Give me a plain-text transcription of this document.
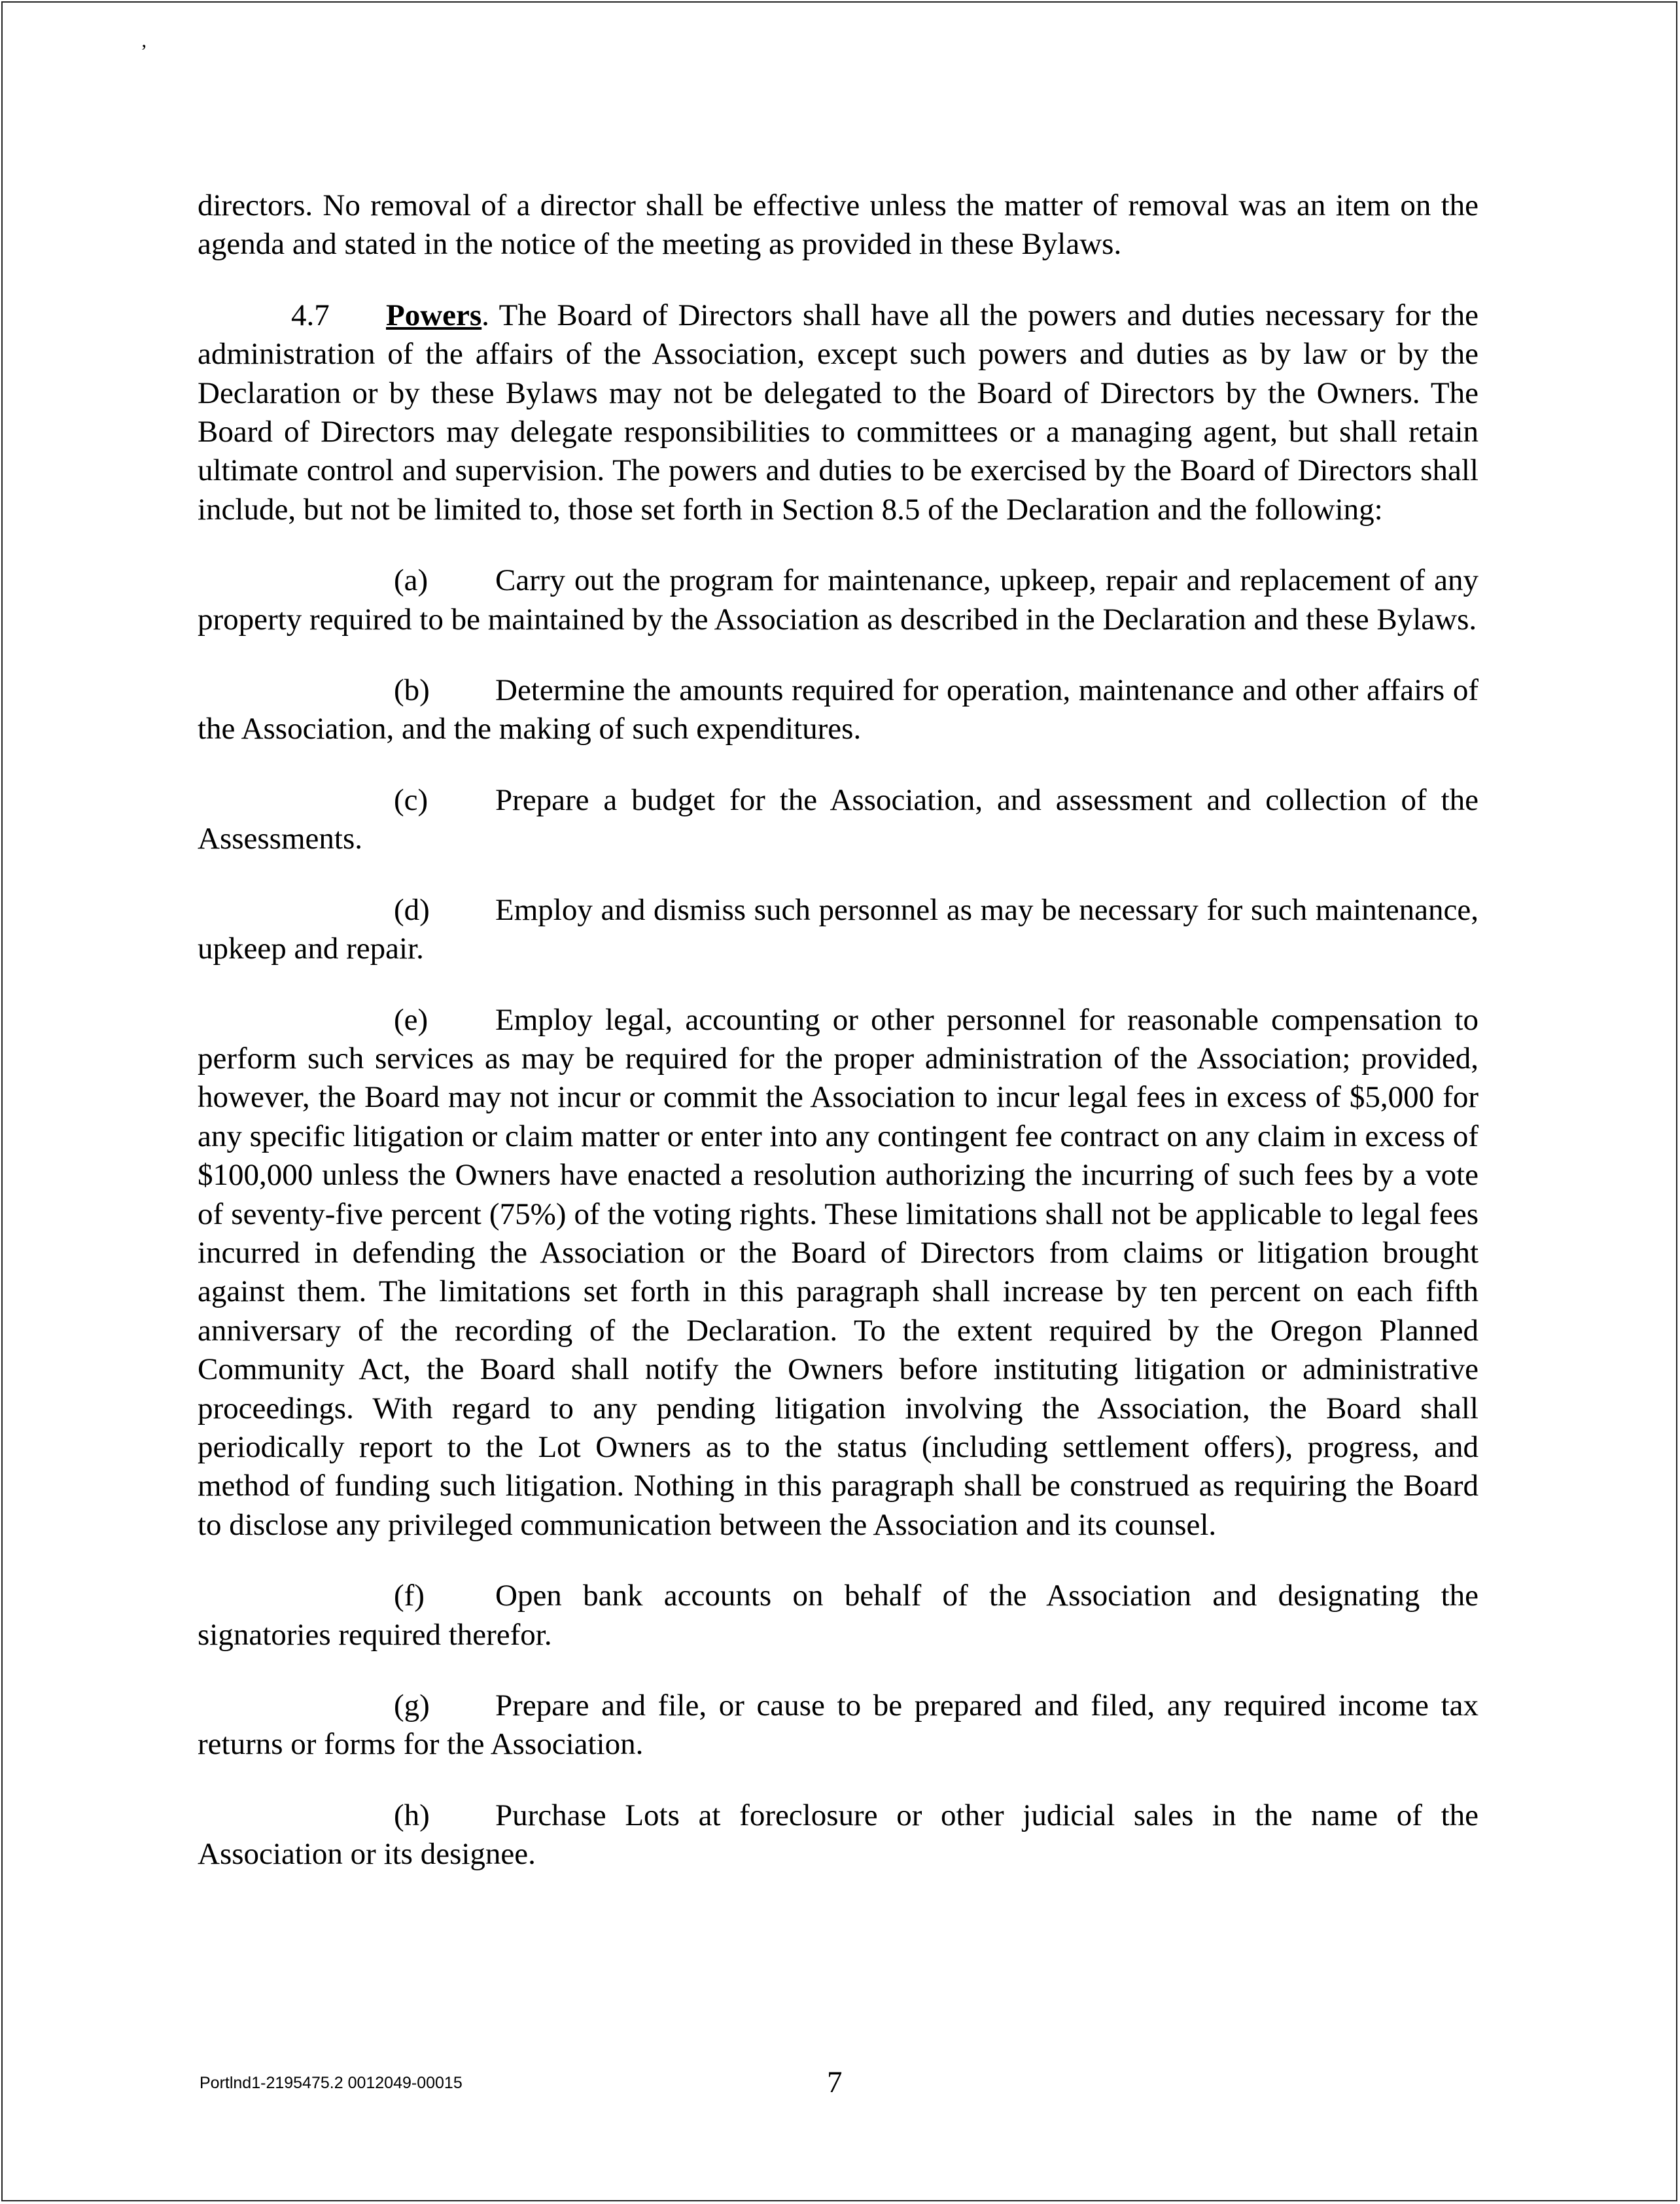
’

directors. No removal of a director shall be effective unless the matter of removal was an item on the agenda and stated in the notice of the meeting as provided in these Bylaws.

4.7 Powers. The Board of Directors shall have all the powers and duties necessary for the administration of the affairs of the Association, except such powers and duties as by law or by the Declaration or by these Bylaws may not be delegated to the Board of Directors by the Owners. The Board of Directors may delegate responsibilities to committees or a managing agent, but shall retain ultimate control and supervision. The powers and duties to be exercised by the Board of Directors shall include, but not be limited to, those set forth in Section 8.5 of the Declaration and the following:

(a) Carry out the program for maintenance, upkeep, repair and replacement of any property required to be maintained by the Association as described in the Declaration and these Bylaws.

(b) Determine the amounts required for operation, maintenance and other affairs of the Association, and the making of such expenditures.

(c) Prepare a budget for the Association, and assessment and collection of the Assessments.

(d) Employ and dismiss such personnel as may be necessary for such maintenance, upkeep and repair.

(e) Employ legal, accounting or other personnel for reasonable compensation to perform such services as may be required for the proper administration of the Association; provided, however, the Board may not incur or commit the Association to incur legal fees in excess of $5,000 for any specific litigation or claim matter or enter into any contingent fee contract on any claim in excess of $100,000 unless the Owners have enacted a resolution authorizing the incurring of such fees by a vote of seventy-five percent (75%) of the voting rights. These limitations shall not be applicable to legal fees incurred in defending the Association or the Board of Directors from claims or litigation brought against them. The limitations set forth in this paragraph shall increase by ten percent on each fifth anniversary of the recording of the Declaration. To the extent required by the Oregon Planned Community Act, the Board shall notify the Owners before instituting litigation or administrative proceedings. With regard to any pending litigation involving the Association, the Board shall periodically report to the Lot Owners as to the status (including settlement offers), progress, and method of funding such litigation. Nothing in this paragraph shall be construed as requiring the Board to disclose any privileged communication between the Association and its counsel.

(f) Open bank accounts on behalf of the Association and designating the signatories required therefor.

(g) Prepare and file, or cause to be prepared and filed, any required income tax returns or forms for the Association.

(h) Purchase Lots at foreclosure or other judicial sales in the name of the Association or its designee.

Portlnd1-2195475.2 0012049-00015	7
